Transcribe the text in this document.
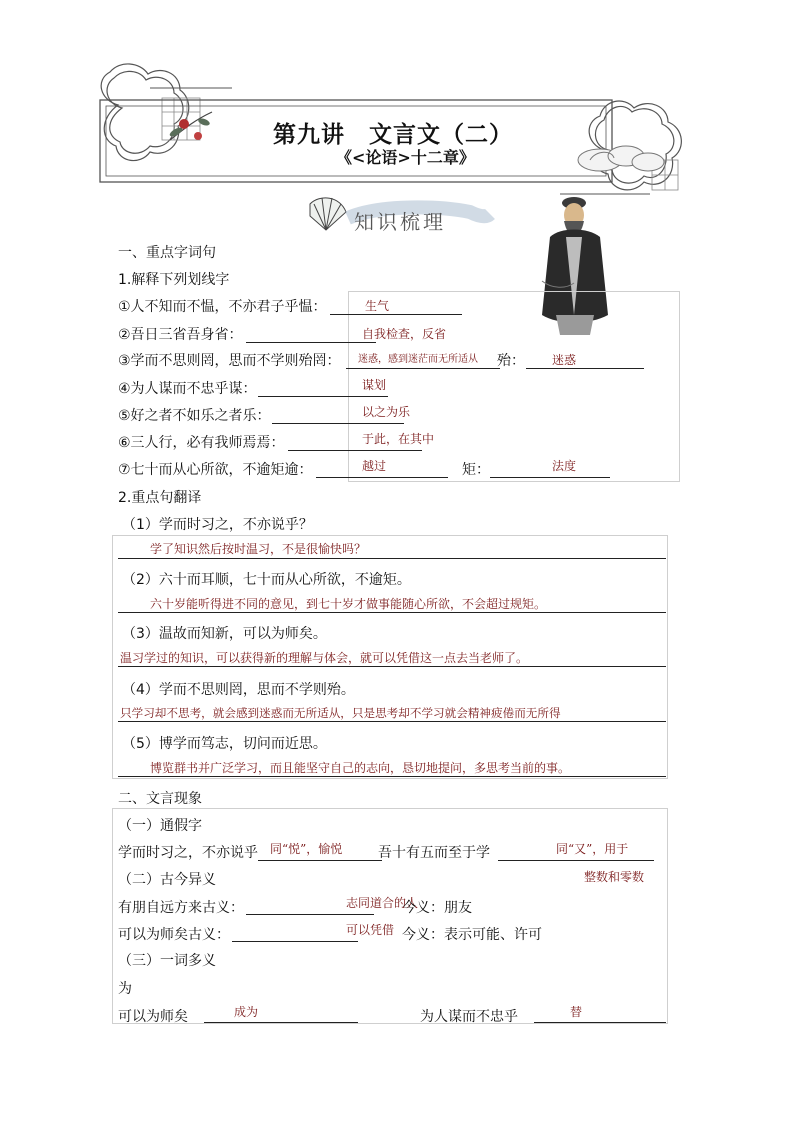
第九讲　文言文（二）
《<论语>十二章》
知识梳理
一、重点字词句
1.解释下列划线字
①人不知而不愠，不亦君子乎愠：	生气
②吾日三省吾身省：	自我检查，反省
③学而不思则罔，思而不学则殆罔： 迷惑，感到迷茫而无所适从 殆： 迷惑
④为人谋而不忠乎谋：	谋划
⑤好之者不如乐之者乐：	以之为乐
⑥三人行，必有我师焉焉：	于此，在其中
⑦七十而从心所欲，不逾矩逾：	越过	矩：	法度
2.重点句翻译
（1）学而时习之，不亦说乎？
学了知识然后按时温习，不是很愉快吗？
（2）六十而耳顺，七十而从心所欲，不逾矩。
六十岁能听得进不同的意见，到七十岁才做事能随心所欲，不会超过规矩。
（3）温故而知新，可以为师矣。
温习学过的知识，可以获得新的理解与体会，就可以凭借这一点去当老师了。
（4）学而不思则罔，思而不学则殆。
只学习却不思考，就会感到迷惑而无所适从，只是思考却不学习就会精神疲倦而无所得
（5）博学而笃志，切问而近思。
博览群书并广泛学习，而且能坚守自己的志向，恳切地提问，多思考当前的事。
二、文言现象
（一）通假字
学而时习之，不亦说乎 同“悦”，愉悦	吾十有五而至于学	同“又”，用于
整数和零数
（二）古今异义
有朋自远方来古义：	志同道合的人
今义：朋友
可以为师矣古义：	可以凭借 今义：表示可能、许可
（三）一词多义
为
可以为师矣	成为	为人谋而不忠乎	替
